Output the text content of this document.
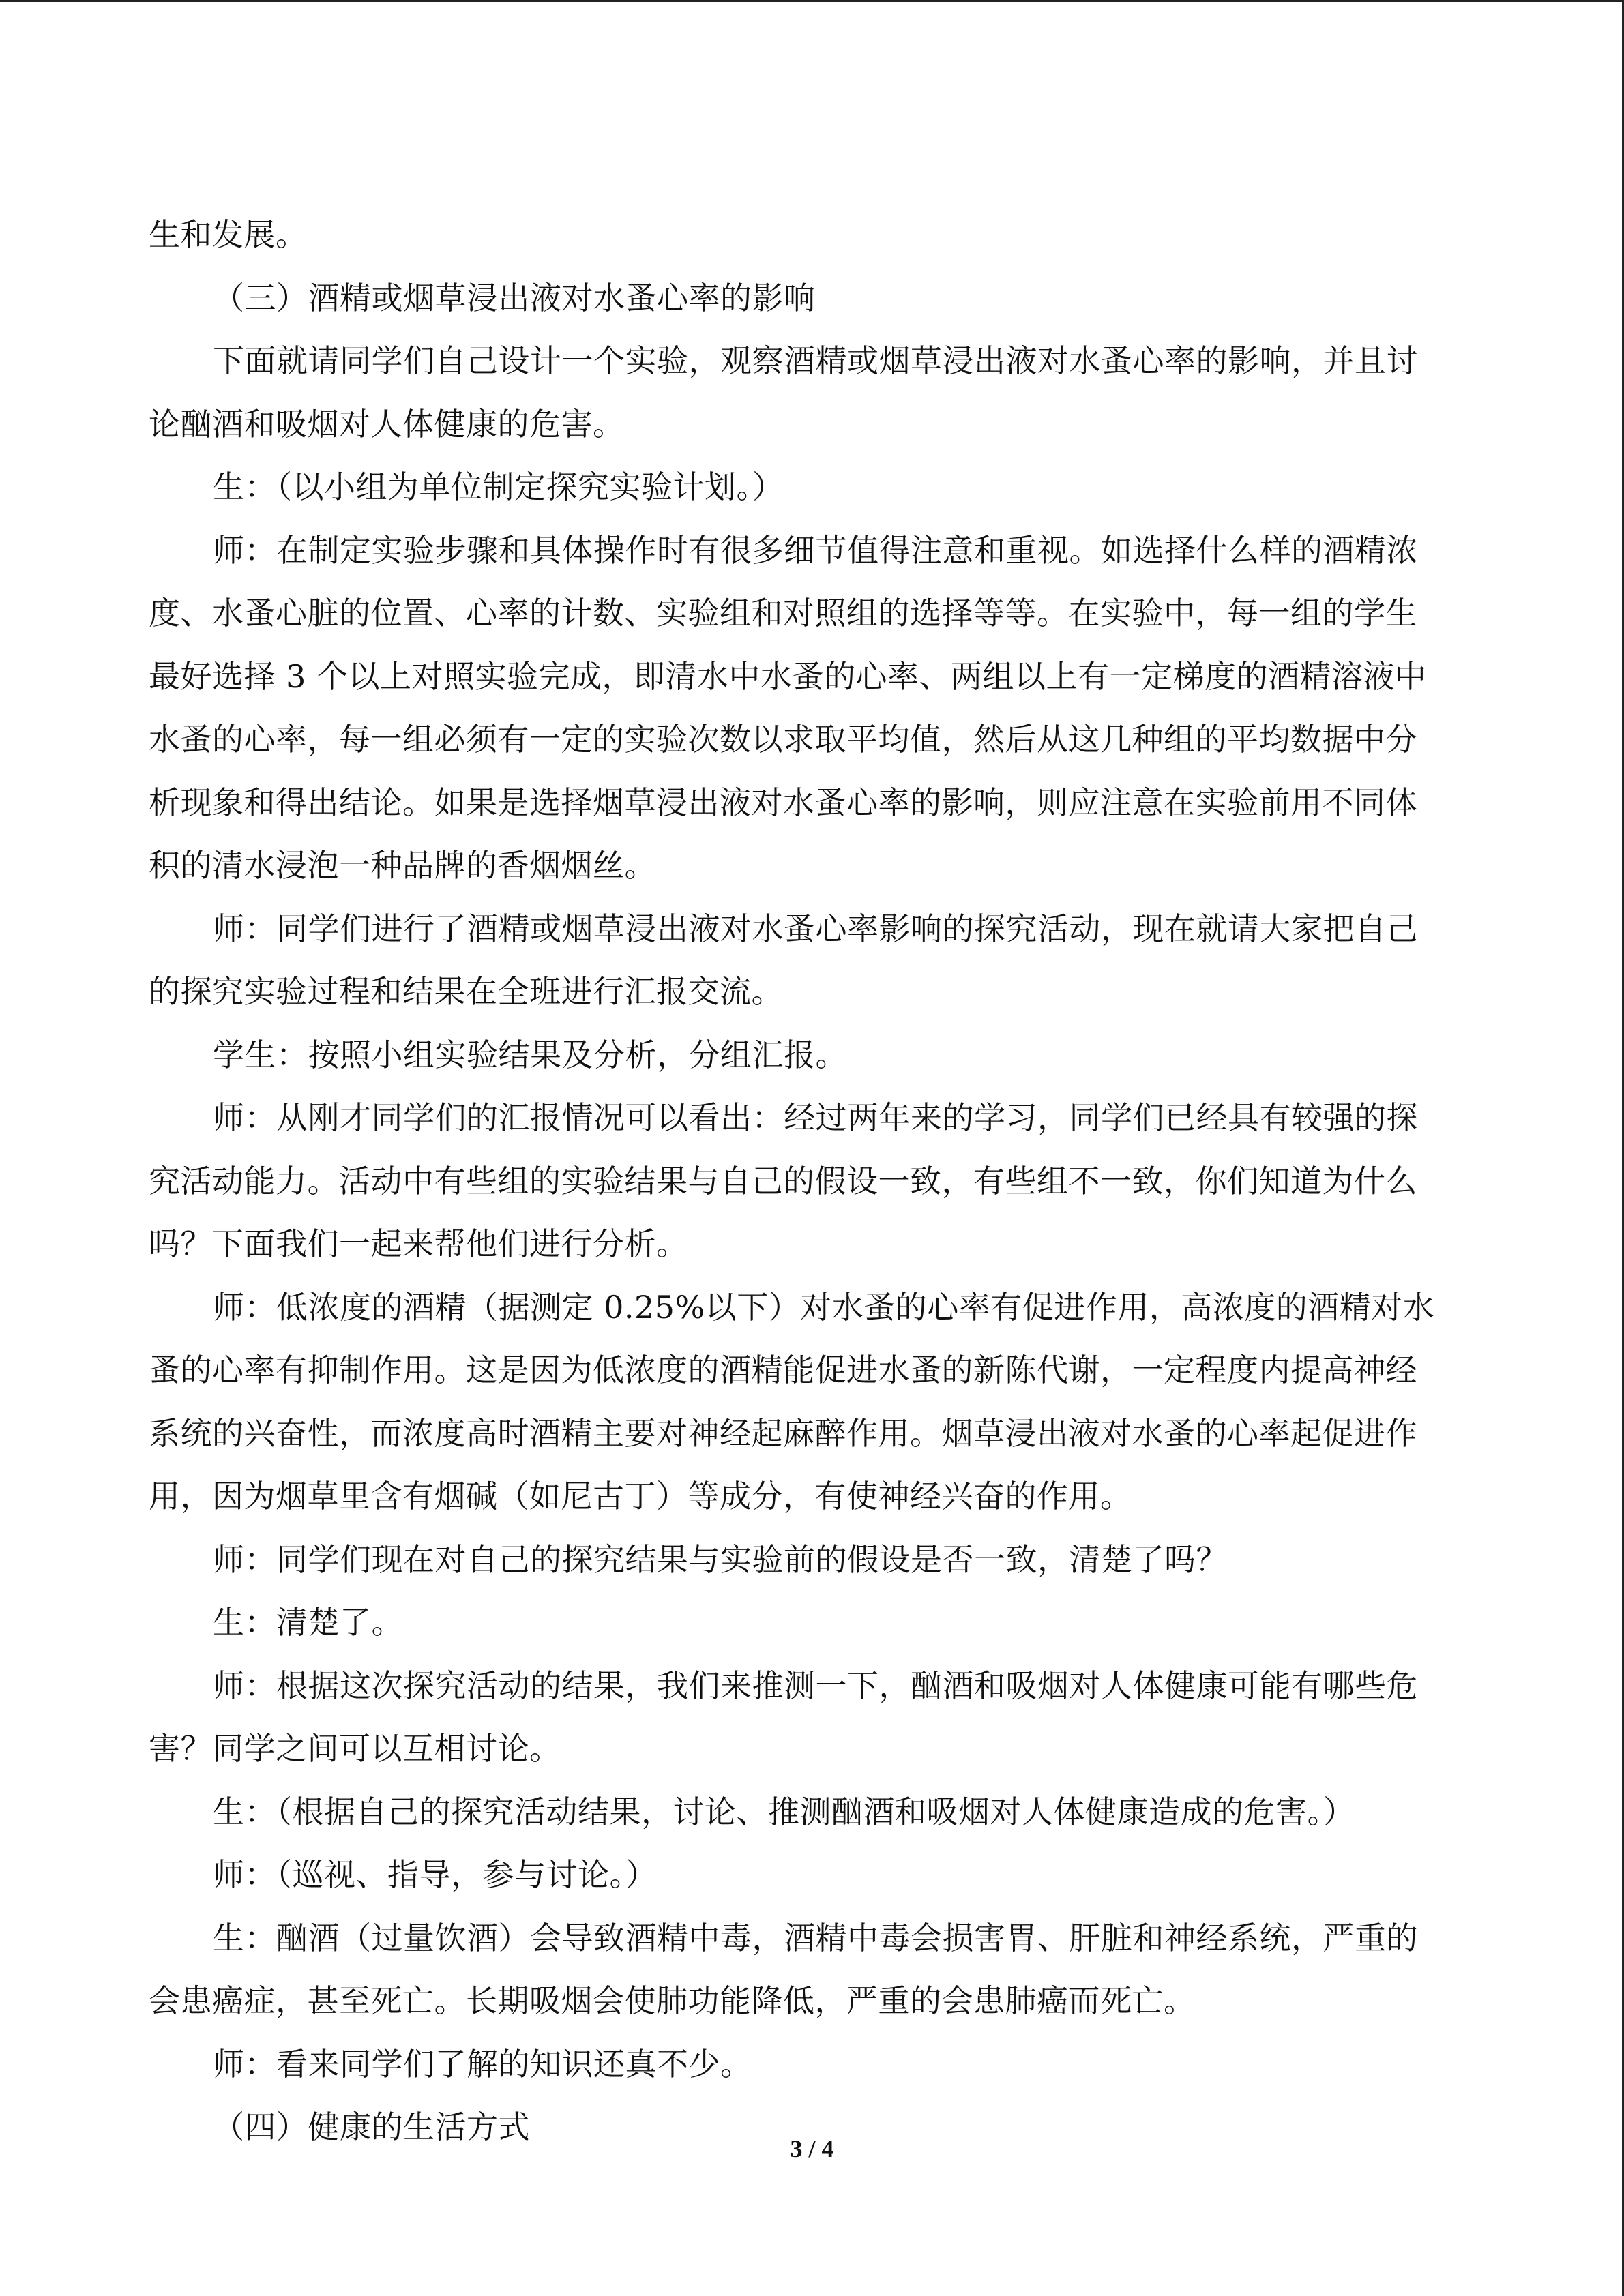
生和发展。
（三）酒精或烟草浸出液对水蚤心率的影响
下面就请同学们自己设计一个实验，观察酒精或烟草浸出液对水蚤心率的影响，并且讨
论酗酒和吸烟对人体健康的危害。
生：（以小组为单位制定探究实验计划。）
师：在制定实验步骤和具体操作时有很多细节值得注意和重视。如选择什么样的酒精浓
度、水蚤心脏的位置、心率的计数、实验组和对照组的选择等等。在实验中，每一组的学生
最好选择 3 个以上对照实验完成，即清水中水蚤的心率、两组以上有一定梯度的酒精溶液中
水蚤的心率，每一组必须有一定的实验次数以求取平均值，然后从这几种组的平均数据中分
析现象和得出结论。如果是选择烟草浸出液对水蚤心率的影响，则应注意在实验前用不同体
积的清水浸泡一种品牌的香烟烟丝。
师：同学们进行了酒精或烟草浸出液对水蚤心率影响的探究活动，现在就请大家把自己
的探究实验过程和结果在全班进行汇报交流。
学生：按照小组实验结果及分析，分组汇报。
师：从刚才同学们的汇报情况可以看出：经过两年来的学习，同学们已经具有较强的探
究活动能力。活动中有些组的实验结果与自己的假设一致，有些组不一致，你们知道为什么
吗？下面我们一起来帮他们进行分析。
师：低浓度的酒精（据测定 0.25%以下）对水蚤的心率有促进作用，高浓度的酒精对水
蚤的心率有抑制作用。这是因为低浓度的酒精能促进水蚤的新陈代谢，一定程度内提高神经
系统的兴奋性，而浓度高时酒精主要对神经起麻醉作用。烟草浸出液对水蚤的心率起促进作
用，因为烟草里含有烟碱（如尼古丁）等成分，有使神经兴奋的作用。
师：同学们现在对自己的探究结果与实验前的假设是否一致，清楚了吗？
生：清楚了。
师：根据这次探究活动的结果，我们来推测一下，酗酒和吸烟对人体健康可能有哪些危
害？同学之间可以互相讨论。
生：（根据自己的探究活动结果，讨论、推测酗酒和吸烟对人体健康造成的危害。）
师：（巡视、指导，参与讨论。）
生：酗酒（过量饮酒）会导致酒精中毒，酒精中毒会损害胃、肝脏和神经系统，严重的
会患癌症，甚至死亡。长期吸烟会使肺功能降低，严重的会患肺癌而死亡。
师：看来同学们了解的知识还真不少。
（四）健康的生活方式
3 / 4
